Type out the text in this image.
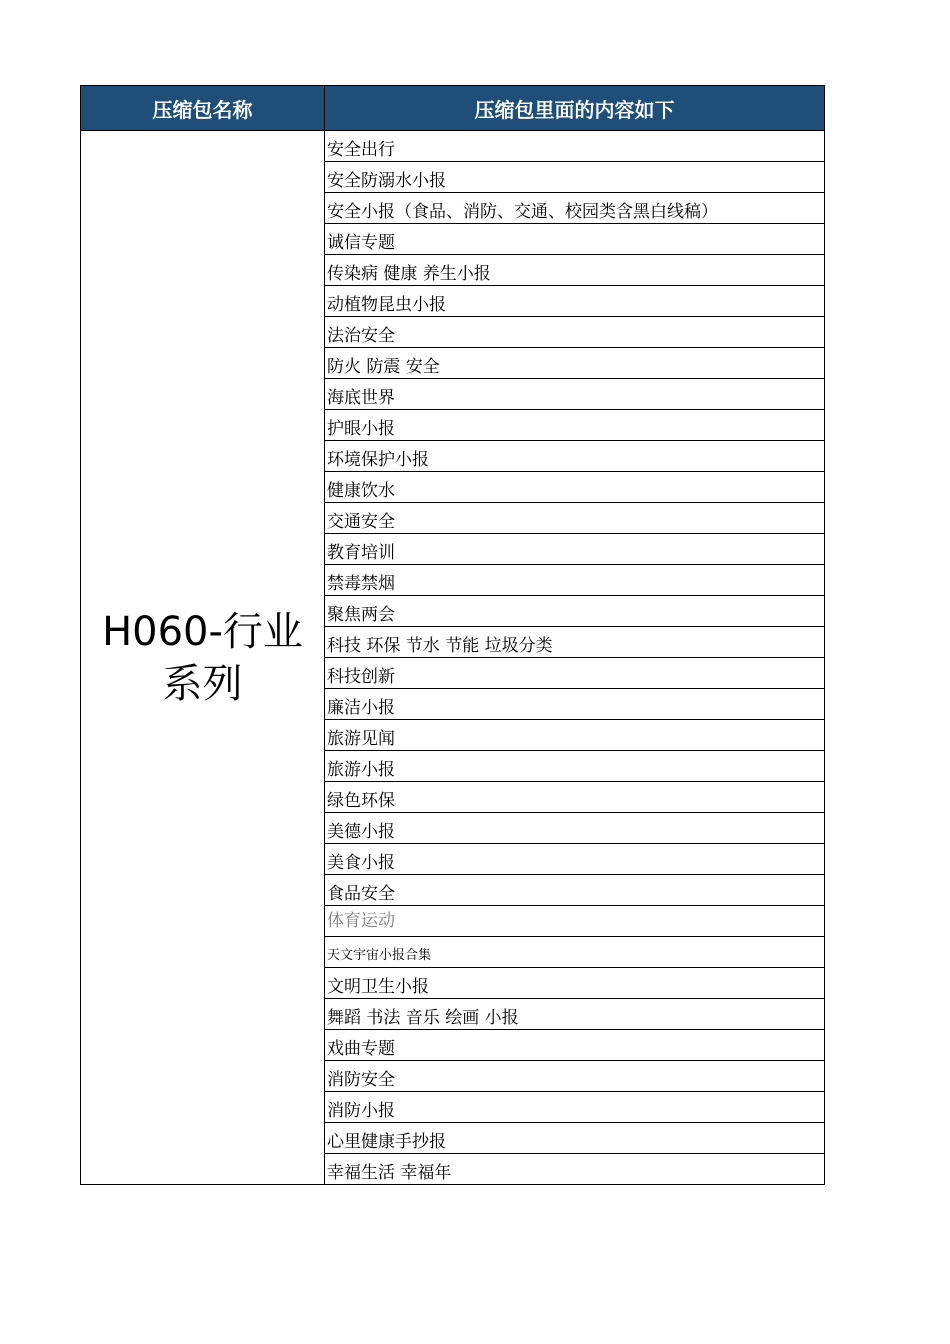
压缩包名称	压缩包里面的内容如下

H060-行业
系列	安全出行
	安全防溺水小报
	安全小报（食品、消防、交通、校园类含黑白线稿）
	诚信专题
	传染病 健康 养生小报
	动植物昆虫小报
	法治安全
	防火 防震 安全
	海底世界
	护眼小报
	环境保护小报
	健康饮水
	交通安全
	教育培训
	禁毒禁烟
	聚焦两会
	科技 环保 节水 节能 垃圾分类
	科技创新
	廉洁小报
	旅游见闻
	旅游小报
	绿色环保
	美德小报
	美食小报
	食品安全
	体育运动
	天文宇宙小报合集
	文明卫生小报
	舞蹈 书法 音乐 绘画 小报
	戏曲专题
	消防安全
	消防小报
	心里健康手抄报
	幸福生活 幸福年
